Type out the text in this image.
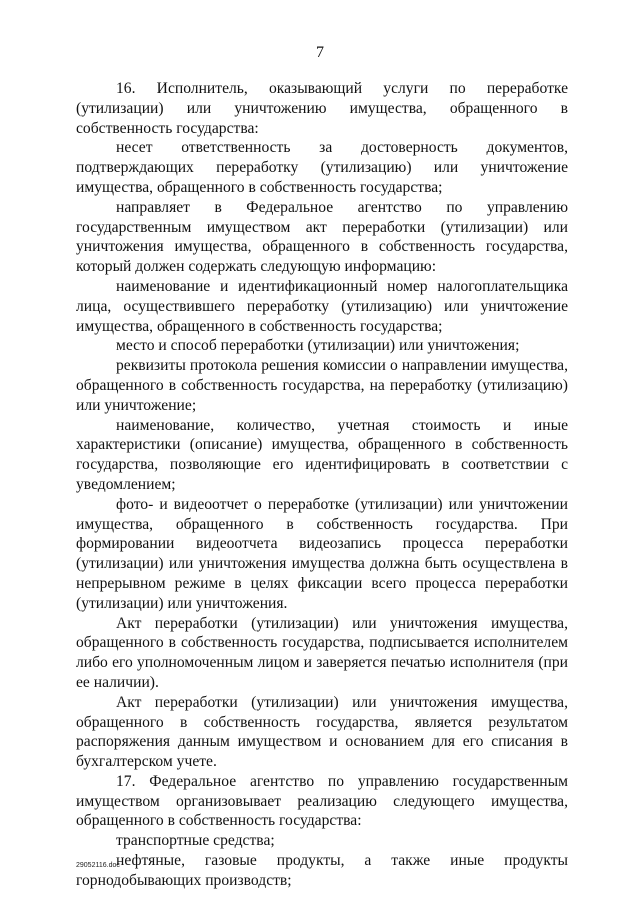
7

16. Исполнитель, оказывающий услуги по переработке (утилизации) или уничтожению имущества, обращенного в собственность государства:

несет ответственность за достоверность документов, подтверждающих переработку (утилизацию) или уничтожение имущества, обращенного в собственность государства;

направляет в Федеральное агентство по управлению государственным имуществом акт переработки (утилизации) или уничтожения имущества, обращенного в собственность государства, который должен содержать следующую информацию:

наименование и идентификационный номер налогоплательщика лица, осуществившего переработку (утилизацию) или уничтожение имущества, обращенного в собственность государства;

место и способ переработки (утилизации) или уничтожения;

реквизиты протокола решения комиссии о направлении имущества, обращенного в собственность государства, на переработку (утилизацию) или уничтожение;

наименование, количество, учетная стоимость и иные характеристики (описание) имущества, обращенного в собственность государства, позволяющие его идентифицировать в соответствии с уведомлением;

фото- и видеоотчет о переработке (утилизации) или уничтожении имущества, обращенного в собственность государства. При формировании видеоотчета видеозапись процесса переработки (утилизации) или уничтожения имущества должна быть осуществлена в непрерывном режиме в целях фиксации всего процесса переработки (утилизации) или уничтожения.

Акт переработки (утилизации) или уничтожения имущества, обращенного в собственность государства, подписывается исполнителем либо его уполномоченным лицом и заверяется печатью исполнителя (при ее наличии).

Акт переработки (утилизации) или уничтожения имущества, обращенного в собственность государства, является результатом распоряжения данным имуществом и основанием для его списания в бухгалтерском учете.

17. Федеральное агентство по управлению государственным имуществом организовывает реализацию следующего имущества, обращенного в собственность государства:

транспортные средства;

нефтяные, газовые продукты, а также иные продукты горнодобывающих производств;

29052116.doc
